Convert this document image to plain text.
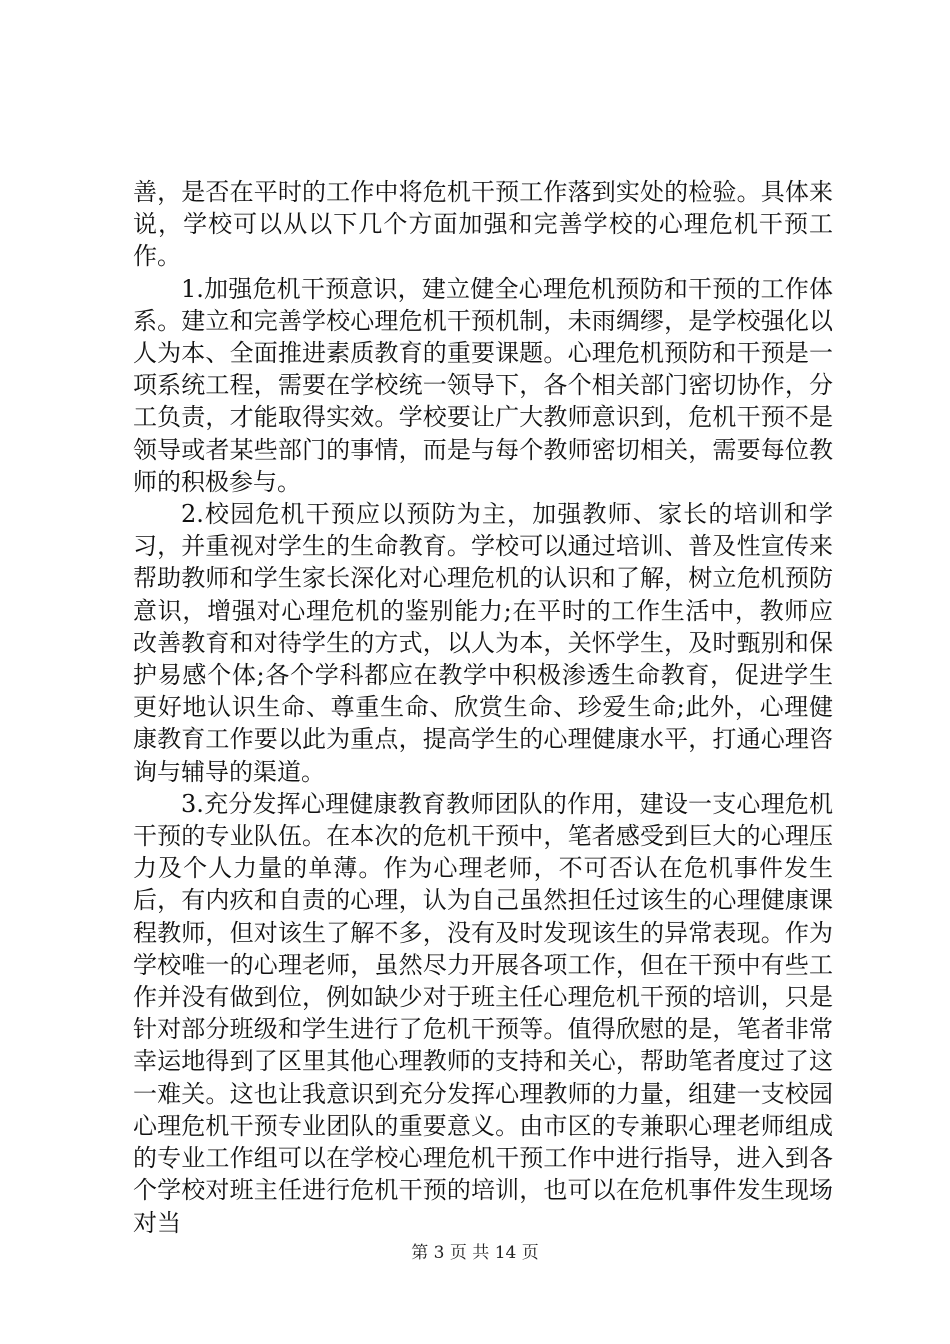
善，是否在平时的工作中将危机干预工作落到实处的检验。具体来说，学校可以从以下几个方面加强和完善学校的心理危机干预工作。

1.加强危机干预意识，建立健全心理危机预防和干预的工作体系。建立和完善学校心理危机干预机制，未雨绸缪，是学校强化以人为本、全面推进素质教育的重要课题。心理危机预防和干预是一项系统工程，需要在学校统一领导下，各个相关部门密切协作，分工负责，才能取得实效。学校要让广大教师意识到，危机干预不是领导或者某些部门的事情，而是与每个教师密切相关，需要每位教师的积极参与。

2.校园危机干预应以预防为主，加强教师、家长的培训和学习，并重视对学生的生命教育。学校可以通过培训、普及性宣传来帮助教师和学生家长深化对心理危机的认识和了解，树立危机预防意识，增强对心理危机的鉴别能力;在平时的工作生活中，教师应改善教育和对待学生的方式，以人为本，关怀学生，及时甄别和保护易感个体;各个学科都应在教学中积极渗透生命教育，促进学生更好地认识生命、尊重生命、欣赏生命、珍爱生命;此外，心理健康教育工作要以此为重点，提高学生的心理健康水平，打通心理咨询与辅导的渠道。

3.充分发挥心理健康教育教师团队的作用，建设一支心理危机干预的专业队伍。在本次的危机干预中，笔者感受到巨大的心理压力及个人力量的单薄。作为心理老师，不可否认在危机事件发生后，有内疚和自责的心理，认为自己虽然担任过该生的心理健康课程教师，但对该生了解不多，没有及时发现该生的异常表现。作为学校唯一的心理老师，虽然尽力开展各项工作，但在干预中有些工作并没有做到位，例如缺少对于班主任心理危机干预的培训，只是针对部分班级和学生进行了危机干预等。值得欣慰的是，笔者非常幸运地得到了区里其他心理教师的支持和关心，帮助笔者度过了这一难关。这也让我意识到充分发挥心理教师的力量，组建一支校园心理危机干预专业团队的重要意义。由市区的专兼职心理老师组成的专业工作组可以在学校心理危机干预工作中进行指导，进入到各个学校对班主任进行危机干预的培训，也可以在危机事件发生现场对当

第 3 页 共 14 页
